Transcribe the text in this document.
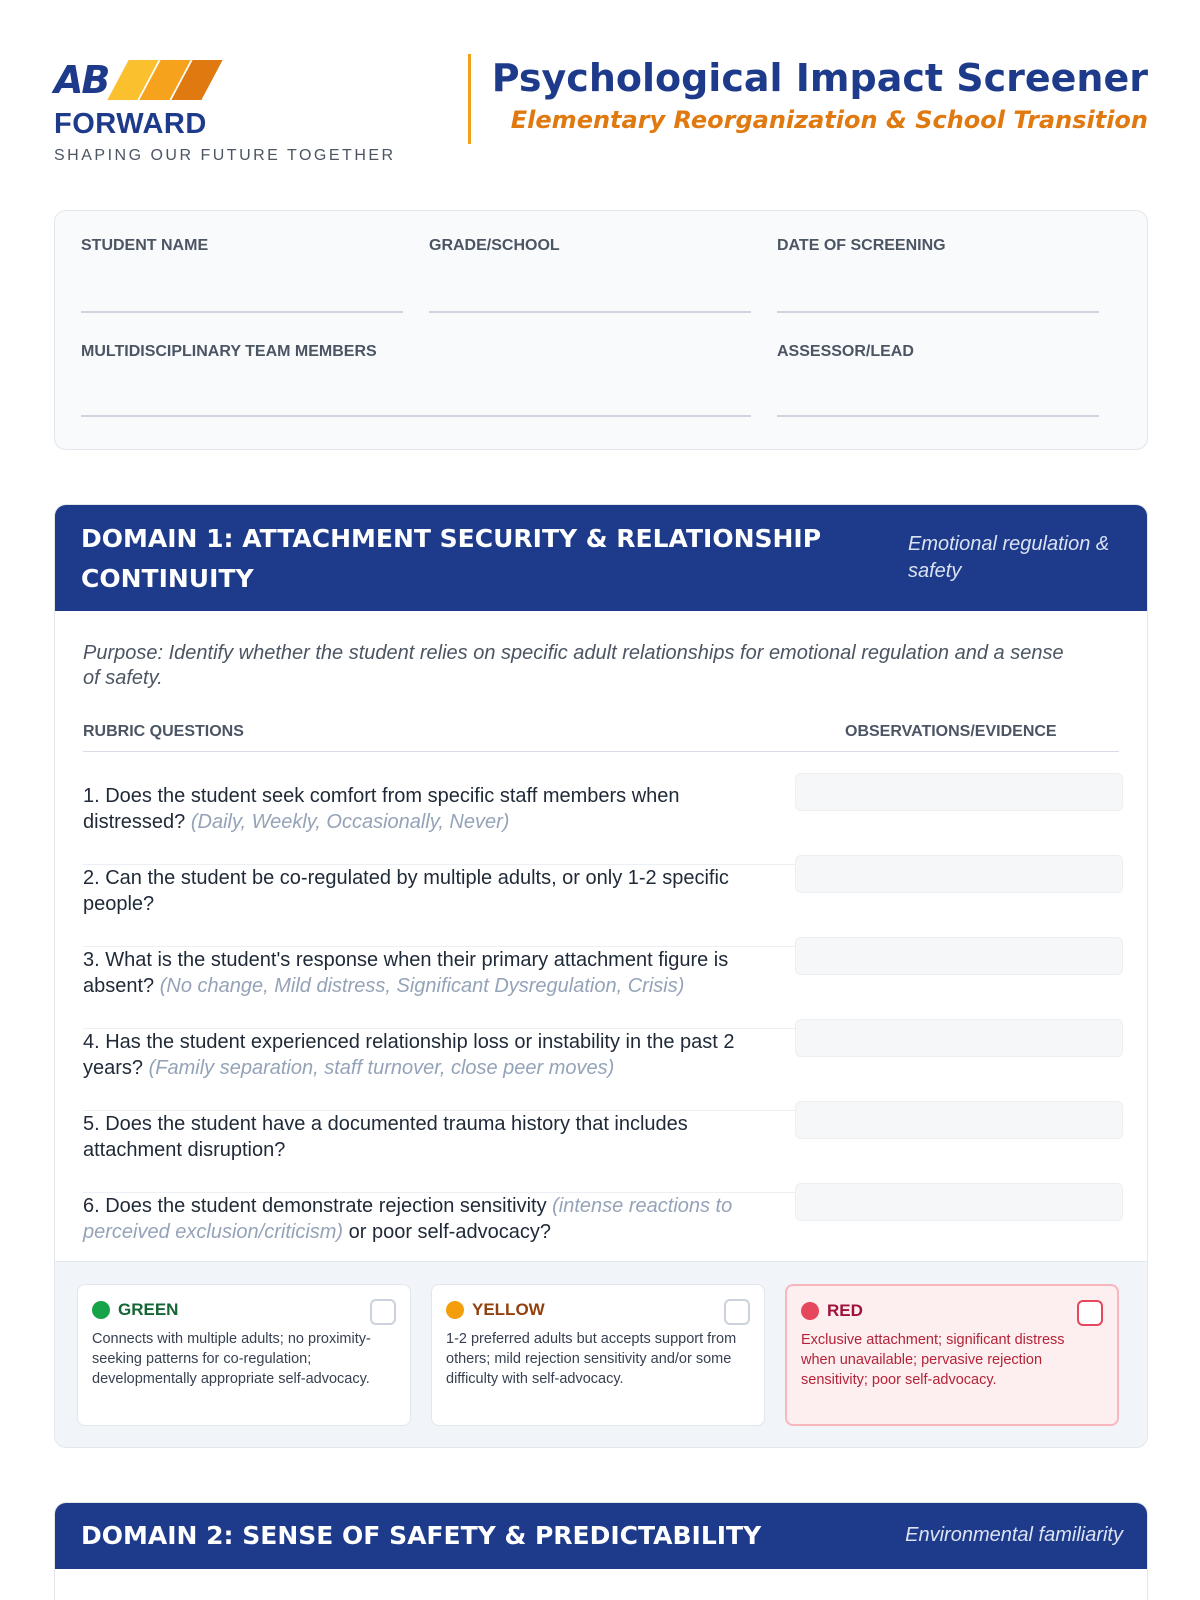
AB
FORWARD
SHAPING OUR FUTURE TOGETHER
Psychological Impact Screener
Elementary Reorganization & School Transition
STUDENT NAME	GRADE/SCHOOL	DATE OF SCREENING
MULTIDISCIPLINARY TEAM MEMBERS	ASSESSOR/LEAD
DOMAIN 1: ATTACHMENT SECURITY & RELATIONSHIP
CONTINUITY
Emotional regulation &
safety
Purpose: Identify whether the student relies on specific adult relationships for emotional regulation and a sense of safety.
RUBRIC QUESTIONS	OBSERVATIONS/EVIDENCE
1. Does the student seek comfort from specific staff members when distressed? (Daily, Weekly, Occasionally, Never)
2. Can the student be co-regulated by multiple adults, or only 1-2 specific people?
3. What is the student's response when their primary attachment figure is absent? (No change, Mild distress, Significant Dysregulation, Crisis)
4. Has the student experienced relationship loss or instability in the past 2 years? (Family separation, staff turnover, close peer moves)
5. Does the student have a documented trauma history that includes attachment disruption?
6. Does the student demonstrate rejection sensitivity (intense reactions to perceived exclusion/criticism) or poor self-advocacy?
GREEN
Connects with multiple adults; no proximity-seeking patterns for co-regulation; developmentally appropriate self-advocacy.
YELLOW
1-2 preferred adults but accepts support from others; mild rejection sensitivity and/or some difficulty with self-advocacy.
RED
Exclusive attachment; significant distress when unavailable; pervasive rejection sensitivity; poor self-advocacy.
DOMAIN 2: SENSE OF SAFETY & PREDICTABILITY	Environmental familiarity
